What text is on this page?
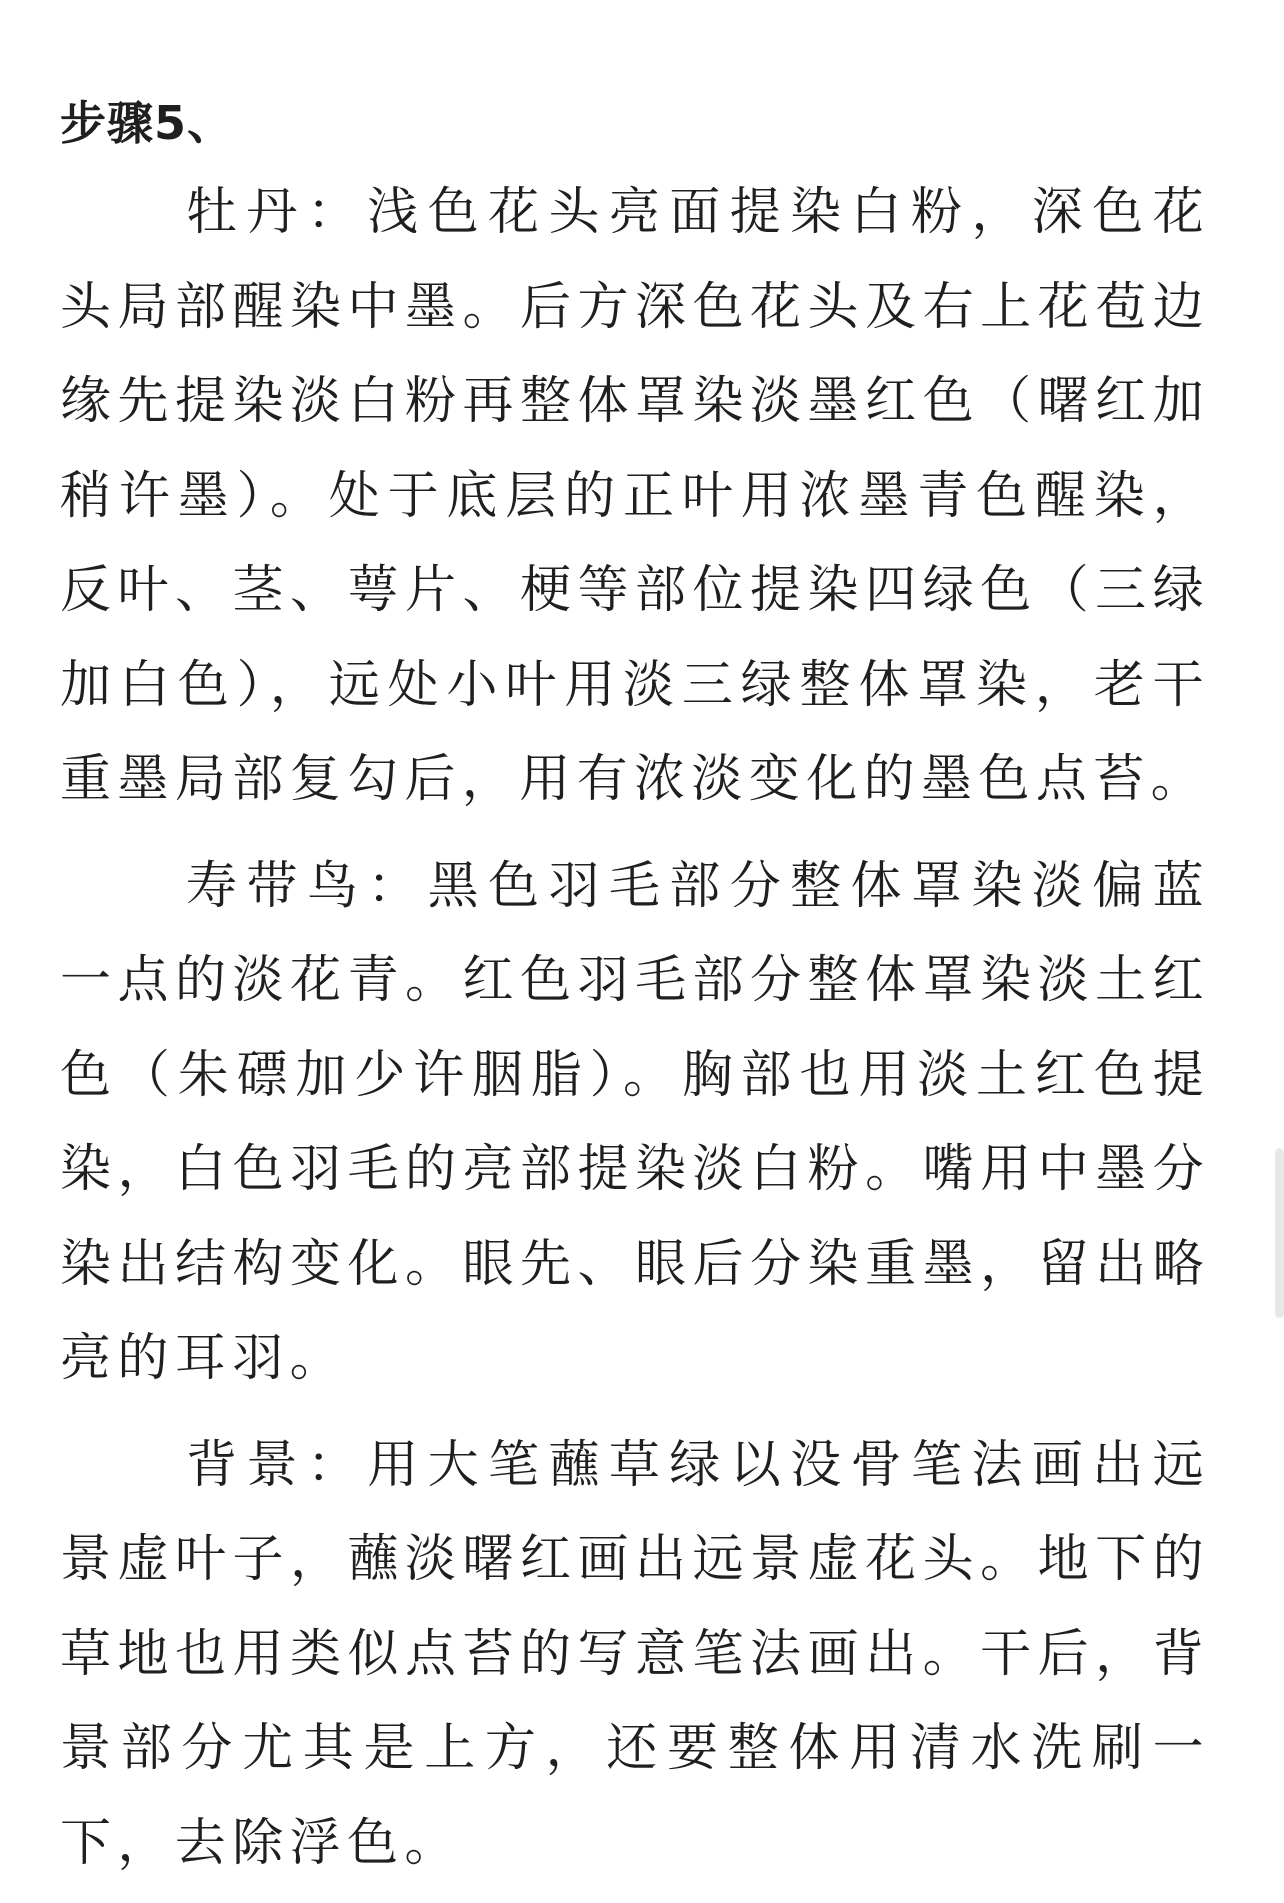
步骤5、

牡丹：浅色花头亮面提染白粉，深色花头局部醒染中墨。后方深色花头及右上花苞边缘先提染淡白粉再整体罩染淡墨红色（曙红加稍许墨）。处于底层的正叶用浓墨青色醒染，反叶、茎、萼片、梗等部位提染四绿色（三绿加白色），远处小叶用淡三绿整体罩染，老干重墨局部复勾后，用有浓淡变化的墨色点苔。

寿带鸟：黑色羽毛部分整体罩染淡偏蓝一点的淡花青。红色羽毛部分整体罩染淡土红色（朱磦加少许胭脂）。胸部也用淡土红色提染，白色羽毛的亮部提染淡白粉。嘴用中墨分染出结构变化。眼先、眼后分染重墨，留出略亮的耳羽。

背景：用大笔蘸草绿以没骨笔法画出远景虚叶子，蘸淡曙红画出远景虚花头。地下的草地也用类似点苔的写意笔法画出。干后，背景部分尤其是上方，还要整体用清水洗刷一下，去除浮色。
